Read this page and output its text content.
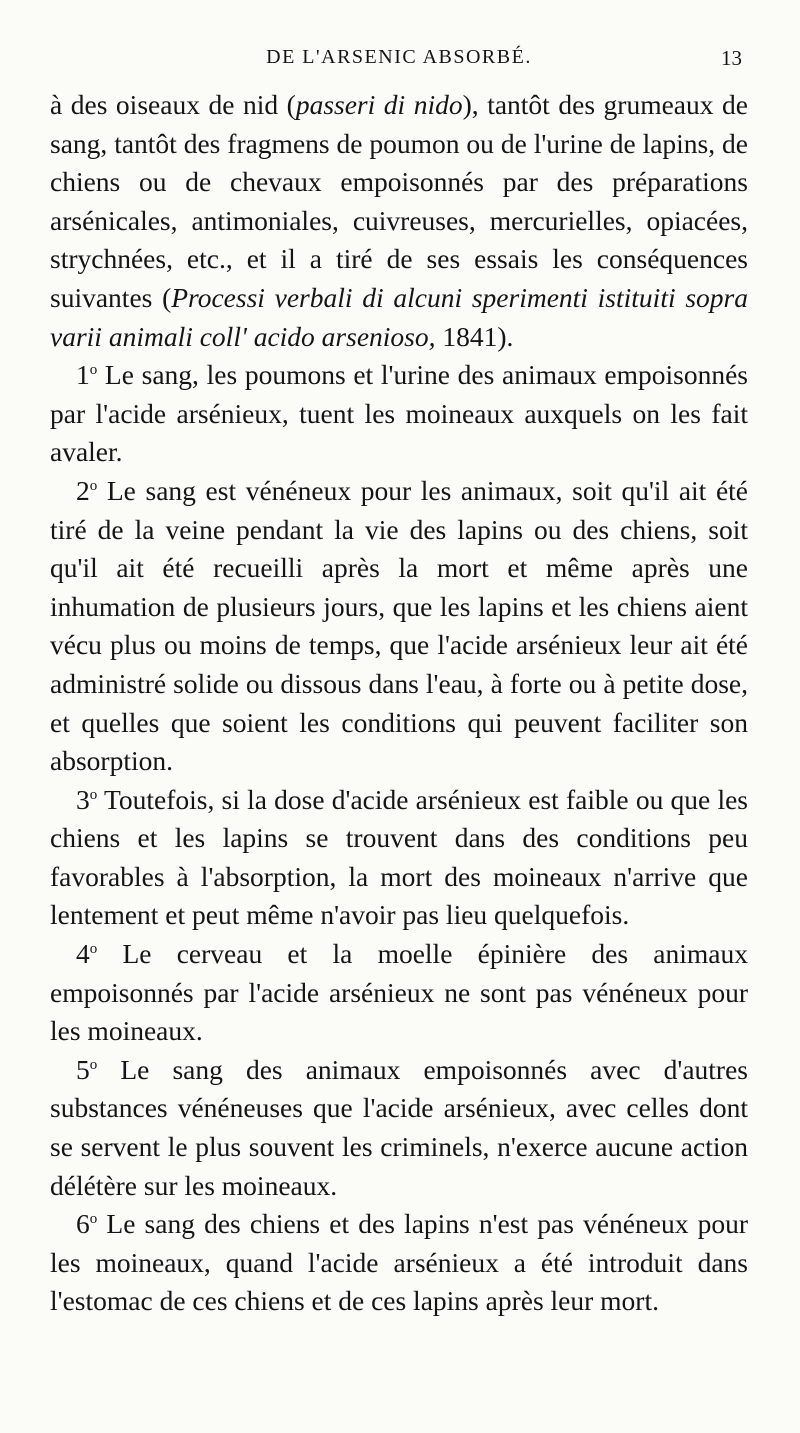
DE L'ARSENIC ABSORBÉ.	13

à des oiseaux de nid (passeri di nido), tantôt des grumeaux de sang, tantôt des fragmens de poumon ou de l'urine de lapins, de chiens ou de chevaux empoisonnés par des préparations arsénicales, antimoniales, cuivreuses, mercurielles, opiacées, strychnées, etc., et il a tiré de ses essais les conséquences suivantes (Processi verbali di alcuni sperimenti istituiti sopra varii animali coll' acido arsenioso, 1841).

1$^o$ Le sang, les poumons et l'urine des animaux empoisonnés par l'acide arsénieux, tuent les moineaux auxquels on les fait avaler.

2$^o$ Le sang est vénéneux pour les animaux, soit qu'il ait été tiré de la veine pendant la vie des lapins ou des chiens, soit qu'il ait été recueilli après la mort et même après une inhumation de plusieurs jours, que les lapins et les chiens aient vécu plus ou moins de temps, que l'acide arsénieux leur ait été administré solide ou dissous dans l'eau, à forte ou à petite dose, et quelles que soient les conditions qui peuvent faciliter son absorption.

3$^o$ Toutefois, si la dose d'acide arsénieux est faible ou que les chiens et les lapins se trouvent dans des conditions peu favorables à l'absorption, la mort des moineaux n'arrive que lentement et peut même n'avoir pas lieu quelquefois.

4$^o$ Le cerveau et la moelle épinière des animaux empoisonnés par l'acide arsénieux ne sont pas vénéneux pour les moineaux.

5$^o$ Le sang des animaux empoisonnés avec d'autres substances vénéneuses que l'acide arsénieux, avec celles dont se servent le plus souvent les criminels, n'exerce aucune action délétère sur les moineaux.

6$^o$ Le sang des chiens et des lapins n'est pas vénéneux pour les moineaux, quand l'acide arsénieux a été introduit dans l'estomac de ces chiens et de ces lapins après leur mort.
